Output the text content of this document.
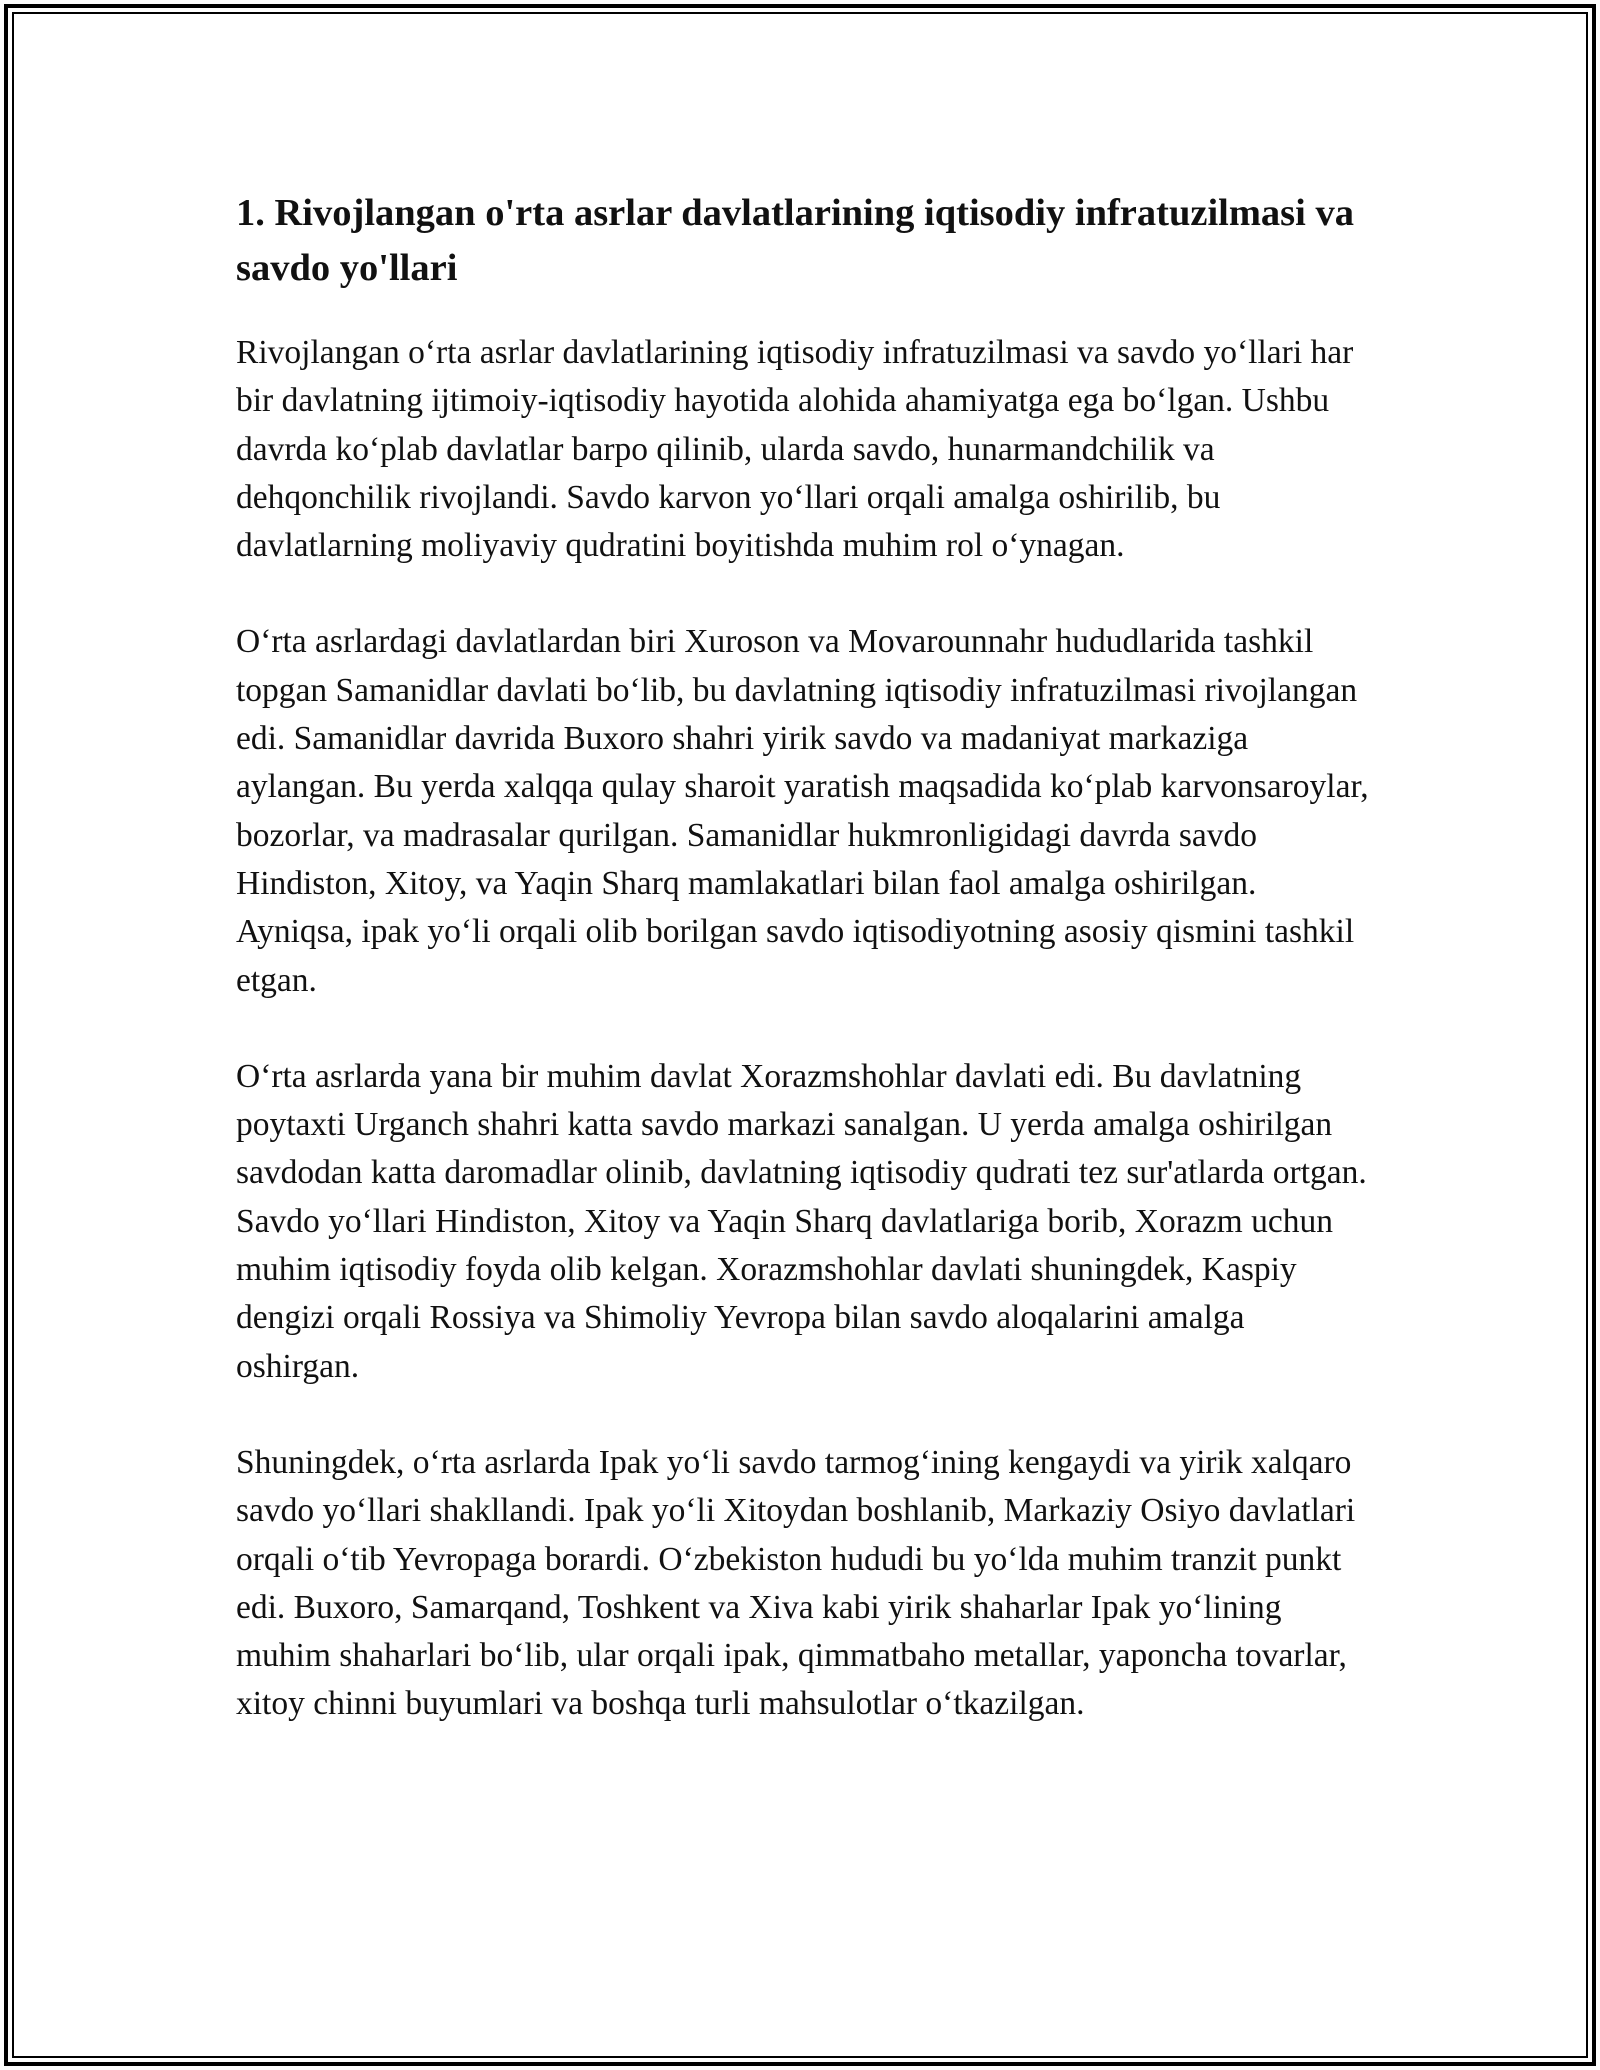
1. Rivojlangan o'rta asrlar davlatlarining iqtisodiy infratuzilmasi va savdo yo'llari

Rivojlangan o‘rta asrlar davlatlarining iqtisodiy infratuzilmasi va savdo yo‘llari har bir davlatning ijtimoiy-iqtisodiy hayotida alohida ahamiyatga ega bo‘lgan. Ushbu davrda ko‘plab davlatlar barpo qilinib, ularda savdo, hunarmandchilik va dehqonchilik rivojlandi. Savdo karvon yo‘llari orqali amalga oshirilib, bu davlatlarning moliyaviy qudratini boyitishda muhim rol o‘ynagan.

O‘rta asrlardagi davlatlardan biri Xuroson va Movarounnahr hududlarida tashkil topgan Samanidlar davlati bo‘lib, bu davlatning iqtisodiy infratuzilmasi rivojlangan edi. Samanidlar davrida Buxoro shahri yirik savdo va madaniyat markaziga aylangan. Bu yerda xalqqa qulay sharoit yaratish maqsadida ko‘plab karvonsaroylar, bozorlar, va madrasalar qurilgan. Samanidlar hukmronligidagi davrda savdo Hindiston, Xitoy, va Yaqin Sharq mamlakatlari bilan faol amalga oshirilgan. Ayniqsa, ipak yo‘li orqali olib borilgan savdo iqtisodiyotning asosiy qismini tashkil etgan.

O‘rta asrlarda yana bir muhim davlat Xorazmshohlar davlati edi. Bu davlatning poytaxti Urganch shahri katta savdo markazi sanalgan. U yerda amalga oshirilgan savdodan katta daromadlar olinib, davlatning iqtisodiy qudrati tez sur'atlarda ortgan. Savdo yo‘llari Hindiston, Xitoy va Yaqin Sharq davlatlariga borib, Xorazm uchun muhim iqtisodiy foyda olib kelgan. Xorazmshohlar davlati shuningdek, Kaspiy dengizi orqali Rossiya va Shimoliy Yevropa bilan savdo aloqalarini amalga oshirgan.

Shuningdek, o‘rta asrlarda Ipak yo‘li savdo tarmog‘ining kengaydi va yirik xalqaro savdo yo‘llari shakllandi. Ipak yo‘li Xitoydan boshlanib, Markaziy Osiyo davlatlari orqali o‘tib Yevropaga borardi. O‘zbekiston hududi bu yo‘lda muhim tranzit punkt edi. Buxoro, Samarqand, Toshkent va Xiva kabi yirik shaharlar Ipak yo‘lining muhim shaharlari bo‘lib, ular orqali ipak, qimmatbaho metallar, yaponcha tovarlar, xitoy chinni buyumlari va boshqa turli mahsulotlar o‘tkazilgan.
